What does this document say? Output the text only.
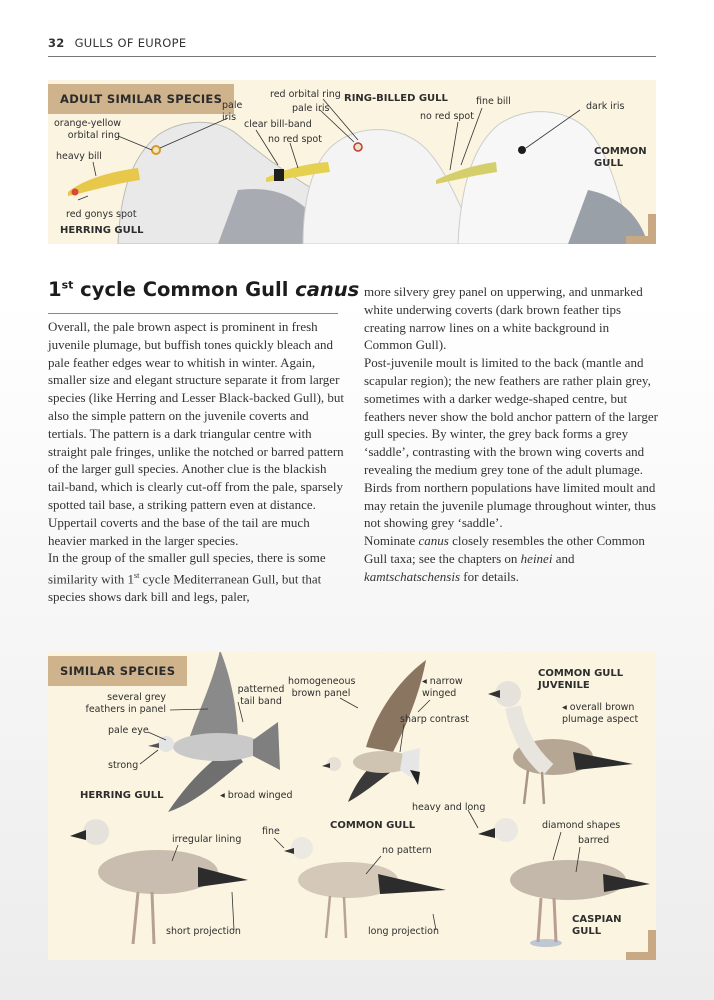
32 GULLS OF EUROPE
ADULT SIMILAR SPECIES pale
iris
orange-yellow
orbital ring
heavy bill
red gonys spot
HERRING GULL
red orbital ring
pale iris
clear bill-band
no red spot
RING-BILLED GULL	fine bill
no red spot
dark iris
COMMON
GULL
1st cycle Common Gull canus

Overall, the pale brown aspect is prominent in fresh juvenile plumage, but buffish tones quickly bleach and pale feather edges wear to whitish in winter. Again, smaller size and elegant structure separate it from larger species (like Herring and Lesser Black-backed Gull), but also the simple pattern on the juvenile coverts and tertials. The pattern is a dark triangular centre with straight pale fringes, unlike the notched or barred pattern of the larger gull species. Another clue is the blackish tail-band, which is clearly cut-off from the pale, sparsely spotted tail base, a striking pattern even at distance. Uppertail coverts and the base of the tail are much heavier marked in the larger species.

In the group of the smaller gull species, there is some similarity with 1st cycle Mediterranean Gull, but that species shows dark bill and legs, paler,

more silvery grey panel on upperwing, and unmarked white underwing coverts (dark brown feather tips creating narrow lines on a white background in Common Gull).

Post-juvenile moult is limited to the back (mantle and scapular region); the new feathers are rather plain grey, sometimes with a darker wedge-shaped centre, but feathers never show the bold anchor pattern of the larger gull species. By winter, the grey back forms a grey ‘saddle’, contrasting with the brown wing coverts and revealing the medium grey tone of the adult plumage. Birds from northern populations have limited moult and may retain the juvenile plumage throughout winter, thus not showing grey ‘saddle’.

Nominate canus closely resembles the other Common Gull taxa; see the chapters on heinei and kamtschatschensis for details.

SIMILAR SPECIES
several grey
feathers in panel
pale eye
strong
HERRING GULL
patterned
tail band
◂ broad winged
homogeneous
brown panel
◂ narrow
winged
sharp contrast
COMMON GULL
JUVENILE
◂ overall brown
plumage aspect
heavy and long
irregular lining
fine
COMMON GULL
no pattern
diamond shapes
barred
short projection	long projection
CASPIAN
GULL
